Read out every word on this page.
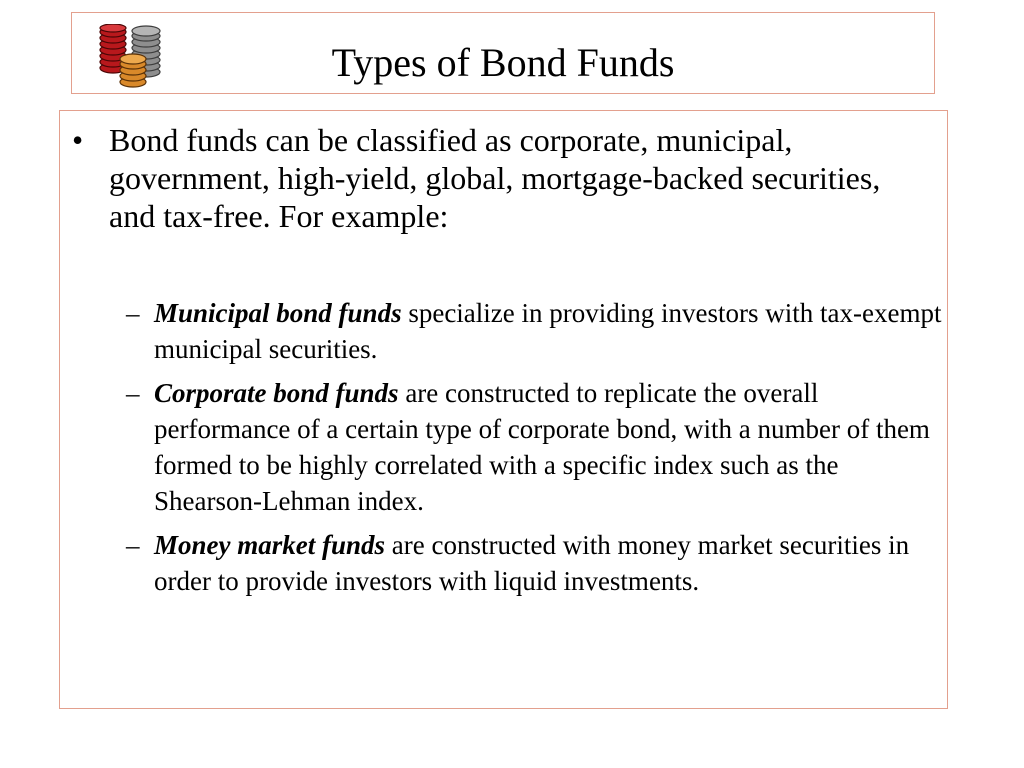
Types of Bond Funds
• Bond funds can be classified as corporate, municipal, government, high-yield, global, mortgage-backed securities, and tax-free. For example:
– Municipal bond funds specialize in providing investors with tax-exempt municipal securities.
– Corporate bond funds are constructed to replicate the overall performance of a certain type of corporate bond, with a number of them formed to be highly correlated with a specific index such as the Shearson-Lehman index.
– Money market funds are constructed with money market securities in order to provide investors with liquid investments.
